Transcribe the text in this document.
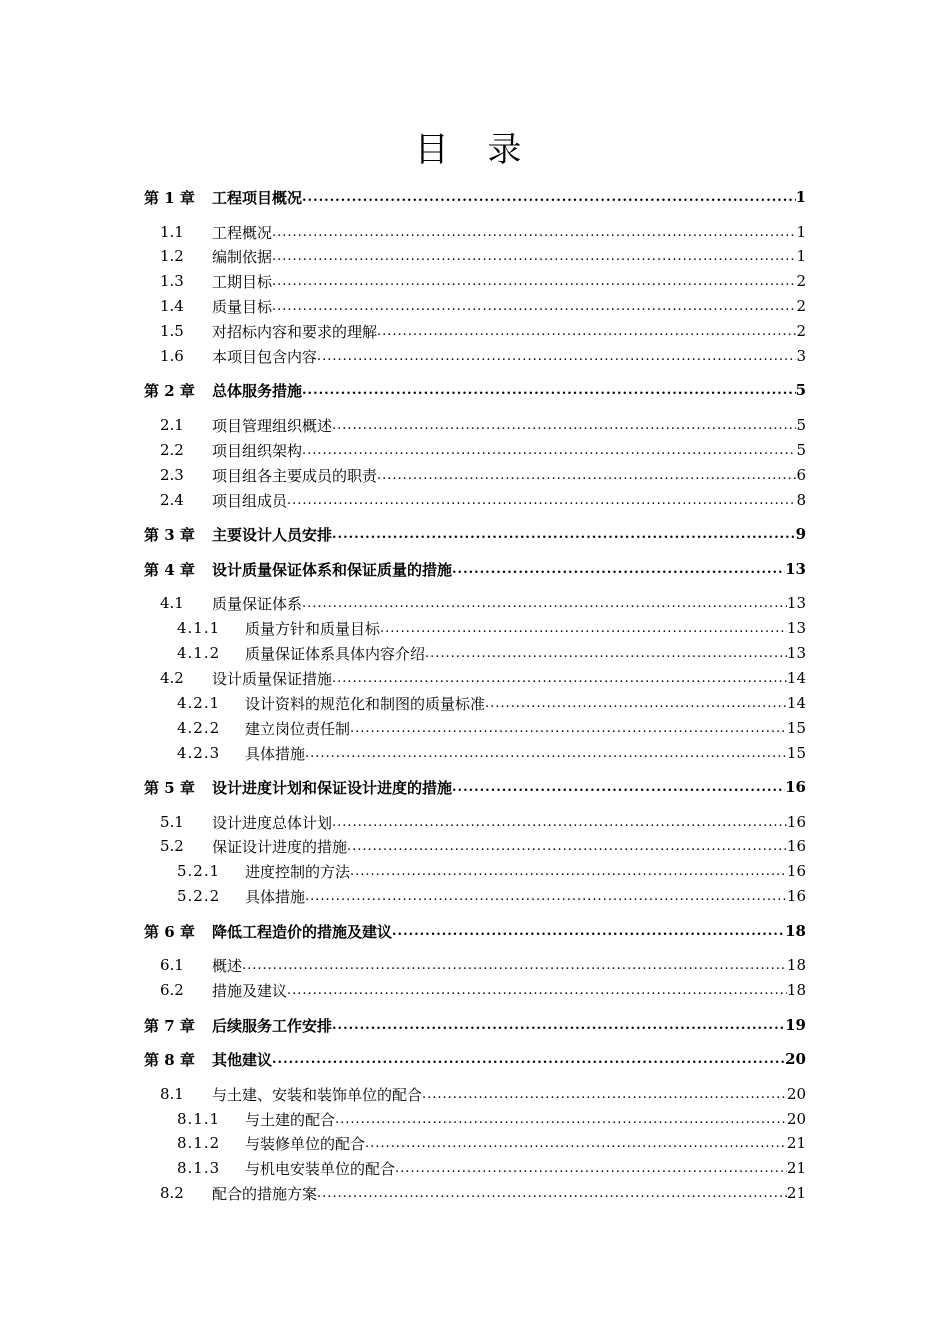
目 录
第 1 章	工程项目概况 .....	1
1.1	工程概况 .....	1
1.2	编制依据 .....	1
1.3	工期目标 .....	2
1.4	质量目标 .....	2
1.5	对招标内容和要求的理解 .....	2
1.6	本项目包含内容 .....	3
第 2 章	总体服务措施 .....	5
2.1	项目管理组织概述 .....	5
2.2	项目组织架构 .....	5
2.3	项目组各主要成员的职责 .....	6
2.4	项目组成员 .....	8
第 3 章	主要设计人员安排 .....	9
第 4 章	设计质量保证体系和保证质量的措施 .....	13
4.1	质量保证体系 .....	13
4.1.1	质量方针和质量目标 .....	13
4.1.2	质量保证体系具体内容介绍 .....	13
4.2	设计质量保证措施 .....	14
4.2.1	设计资料的规范化和制图的质量标准 .....	14
4.2.2	建立岗位责任制 .....	15
4.2.3	具体措施 .....	15
第 5 章	设计进度计划和保证设计进度的措施 .....	16
5.1	设计进度总体计划 .....	16
5.2	保证设计进度的措施 .....	16
5.2.1	进度控制的方法 .....	16
5.2.2	具体措施 .....	16
第 6 章	降低工程造价的措施及建议 .....	18
6.1	概述 .....	18
6.2	措施及建议 .....	18
第 7 章	后续服务工作安排 .....	19
第 8 章	其他建议 .....	20
8.1	与土建、安装和装饰单位的配合 .....	20
8.1.1	与土建的配合 .....	20
8.1.2	与装修单位的配合 .....	21
8.1.3	与机电安装单位的配合 .....	21
8.2	配合的措施方案 .....	21
